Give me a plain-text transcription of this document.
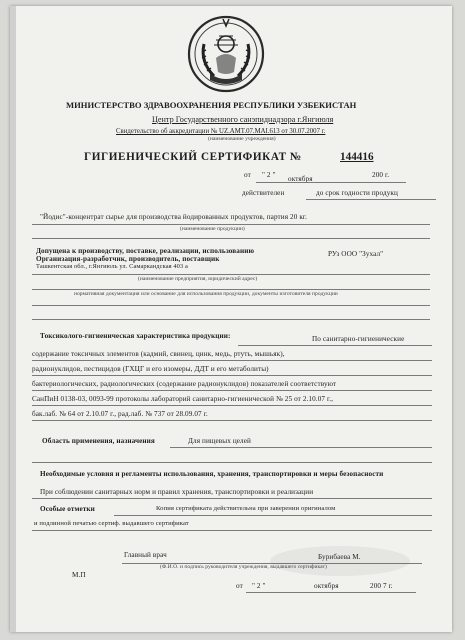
МИНИСТЕРСТВО ЗДРАВООХРАНЕНИЯ РЕСПУБЛИКИ УЗБЕКИСТАН
Центр Государственного санэпиднадзора г.Янгиюля
Свидетельство об аккредитации № UZ.AMT.07.MAI.613 от 30.07.2007 г.
(наименование учреждения)
ГИГИЕНИЧЕСКИЙ СЕРТИФИКАТ №	144416
от " 2 " октября	200 г.
действителен	до срок годности продукц
"Йодис"-концентрат сырье для производства йодированных продуктов, партия 20 кг.
(наименование продукции)
Допущена к производству, поставке, реализации, использованию	РУз ООО "Зухал"
Организация-разработчик, производитель, поставщик
Ташкентская обл., г.Янгиюль ул. Самаркандская 403 а
(наименование предприятия, юридический адрес)
нормативная документация или основание для использования продукции, документы изготовителя продукции
Токсиколого-гигиеническая характеристика продукции:	По санитарно-гигиенические
содержание токсичных элементов (кадмий, свинец, цинк, медь, ртуть, мышьяк),
радионуклидов, пестицидов (ГХЦГ и его изомеры, ДДТ и его метаболиты)
бактериологических, радиологических (содержание радионуклидов) показателей соответствуют
СанПиН 0138-03, 0093-99 протоколы лабораторий санитарно-гигиенической № 25 от 2.10.07 г.,
бак.лаб. № 64 от 2.10.07 г., рад.лаб. № 737 от 28.09.07 г.
Область применения, назначения	Для пищевых целей
Необходимые условия и регламенты использования, хранения, транспортировки и меры безопасности
При соблюдении санитарных норм и правил хранения, транспортировки и реализации
Особые отметки	Копия сертификата действительна при заверении оригиналом
и подлинной печатью сертиф. выдавшего сертификат
Главный врач	Бурибаева М.
(Ф.И.О. и подпись руководителя учреждения, выдавшего сертификат)
М.П
от " 2 "	октября	200 7 г.
